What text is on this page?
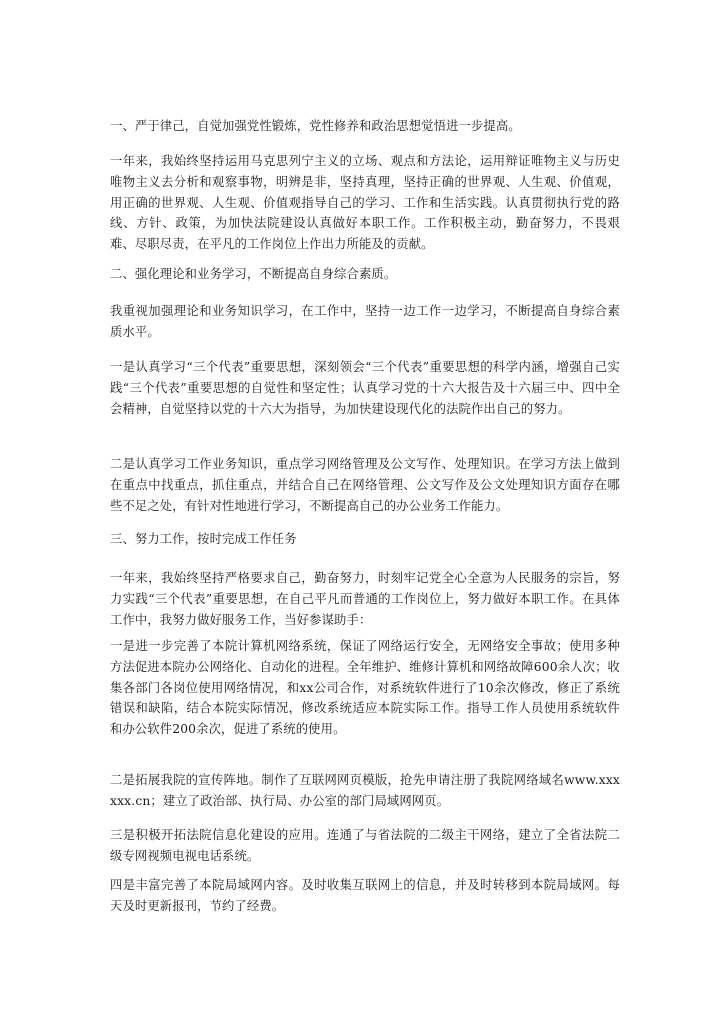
一、严于律己，自觉加强党性锻炼，党性修养和政治思想觉悟进一步提高。

一年来，我始终坚持运用马克思列宁主义的立场、观点和方法论，运用辩证唯物主义与历史唯物主义去分析和观察事物，明辨是非，坚持真理，坚持正确的世界观、人生观、价值观，用正确的世界观、人生观、价值观指导自己的学习、工作和生活实践。认真贯彻执行党的路线、方针、政策，为加快法院建设认真做好本职工作。工作积极主动，勤奋努力，不畏艰难、尽职尽责，在平凡的工作岗位上作出力所能及的贡献。

二、强化理论和业务学习，不断提高自身综合素质。

我重视加强理论和业务知识学习，在工作中，坚持一边工作一边学习，不断提高自身综合素质水平。

一是认真学习“三个代表”重要思想，深刻领会“三个代表”重要思想的科学内涵，增强自己实践“三个代表”重要思想的自觉性和坚定性；认真学习党的十六大报告及十六届三中、四中全会精神，自觉坚持以党的十六大为指导，为加快建设现代化的法院作出自己的努力。

二是认真学习工作业务知识，重点学习网络管理及公文写作、处理知识。在学习方法上做到在重点中找重点，抓住重点，并结合自己在网络管理、公文写作及公文处理知识方面存在哪些不足之处，有针对性地进行学习，不断提高自己的办公业务工作能力。

三、努力工作，按时完成工作任务

一年来，我始终坚持严格要求自己，勤奋努力，时刻牢记党全心全意为人民服务的宗旨，努力实践“三个代表”重要思想，在自己平凡而普通的工作岗位上，努力做好本职工作。在具体工作中，我努力做好服务工作，当好参谋助手：

一是进一步完善了本院计算机网络系统，保证了网络运行安全，无网络安全事故；使用多种方法促进本院办公网络化、自动化的进程。全年维护、维修计算机和网络故障600余人次；收集各部门各岗位使用网络情况，和xx公司合作，对系统软件进行了10余次修改，修正了系统错误和缺陷，结合本院实际情况，修改系统适应本院实际工作。指导工作人员使用系统软件和办公软件200余次，促进了系统的使用。

二是拓展我院的宣传阵地。制作了互联网网页模版，抢先申请注册了我院网络域名www.xxxxxx.cn；建立了政治部、执行局、办公室的部门局域网网页。

三是积极开拓法院信息化建设的应用。连通了与省法院的二级主干网络，建立了全省法院二级专网视频电视电话系统。

四是丰富完善了本院局域网内容。及时收集互联网上的信息，并及时转移到本院局域网。每天及时更新报刊，节约了经费。
